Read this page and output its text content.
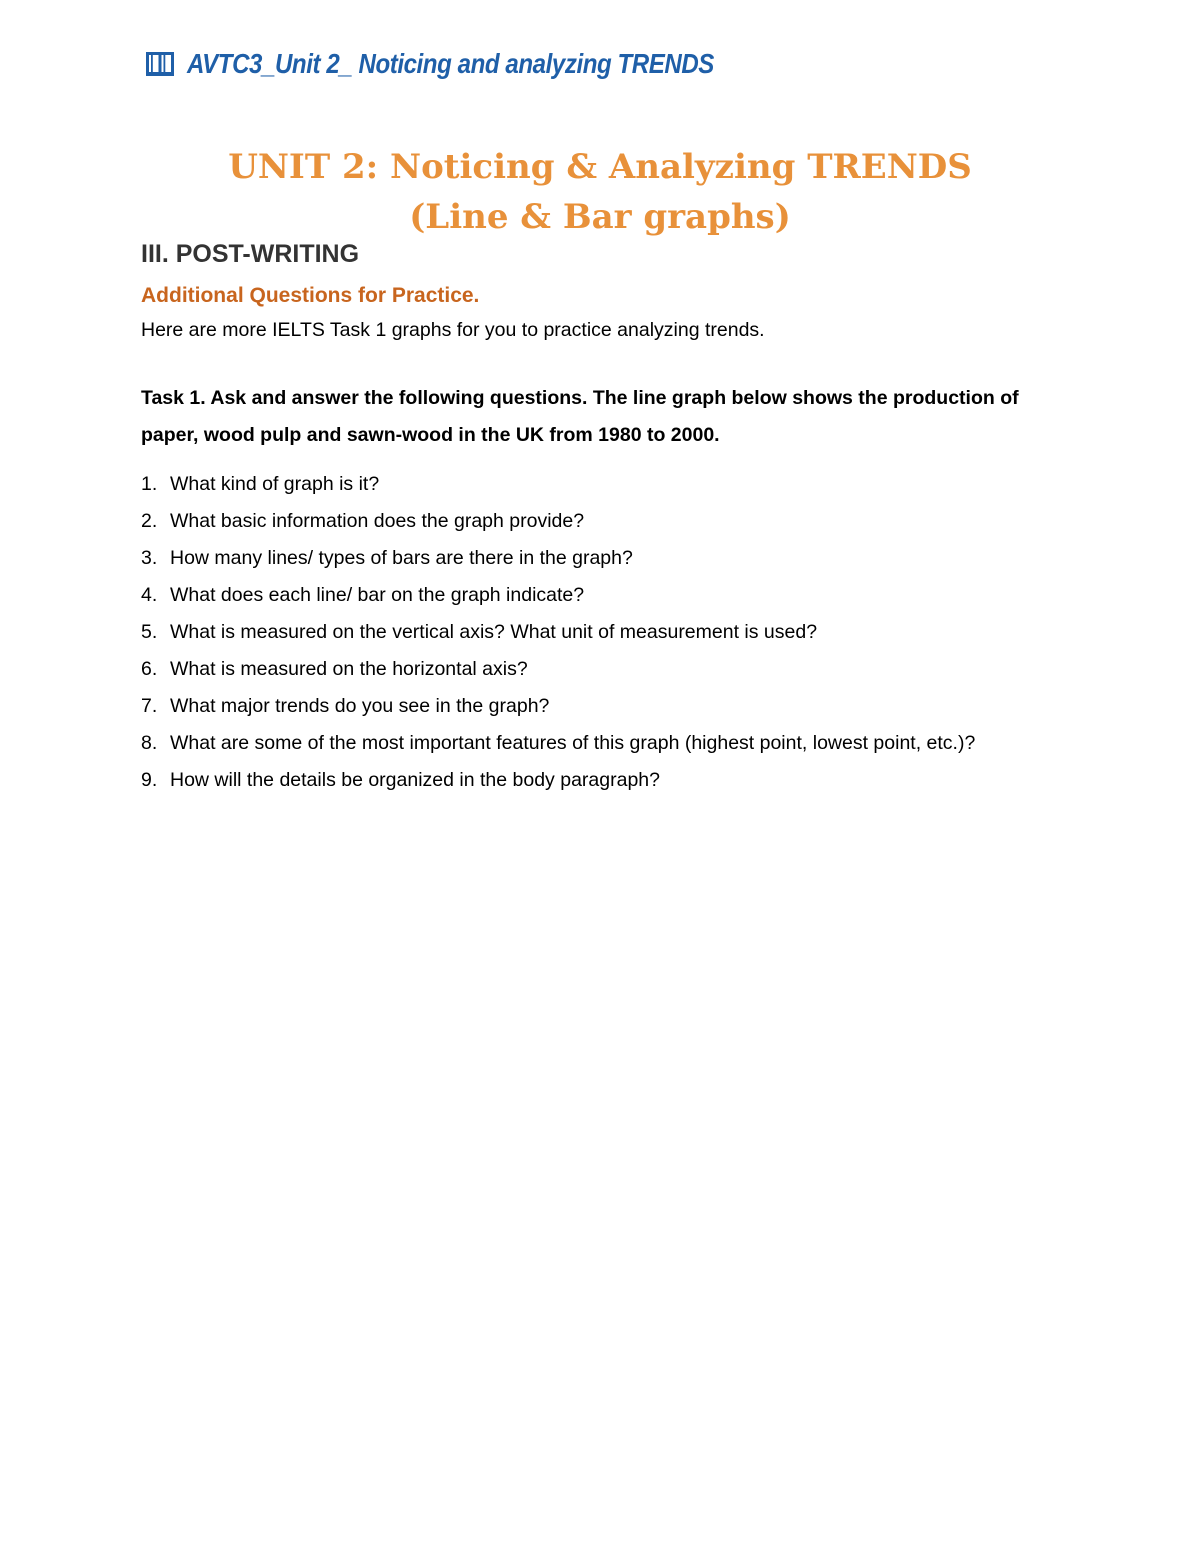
AVTC3_Unit 2_ Noticing and analyzing TRENDS
UNIT 2: Noticing & Analyzing TRENDS
(Line & Bar graphs)
III. POST-WRITING
Additional Questions for Practice.
Here are more IELTS Task 1 graphs for you to practice analyzing trends.
Task 1. Ask and answer the following questions. The line graph below shows the production of paper, wood pulp and sawn-wood in the UK from 1980 to 2000.
1. What kind of graph is it?
2. What basic information does the graph provide?
3. How many lines/ types of bars are there in the graph?
4. What does each line/ bar on the graph indicate?
5. What is measured on the vertical axis? What unit of measurement is used?
6. What is measured on the horizontal axis?
7. What major trends do you see in the graph?
8. What are some of the most important features of this graph (highest point, lowest point, etc.)?
9. How will the details be organized in the body paragraph?
